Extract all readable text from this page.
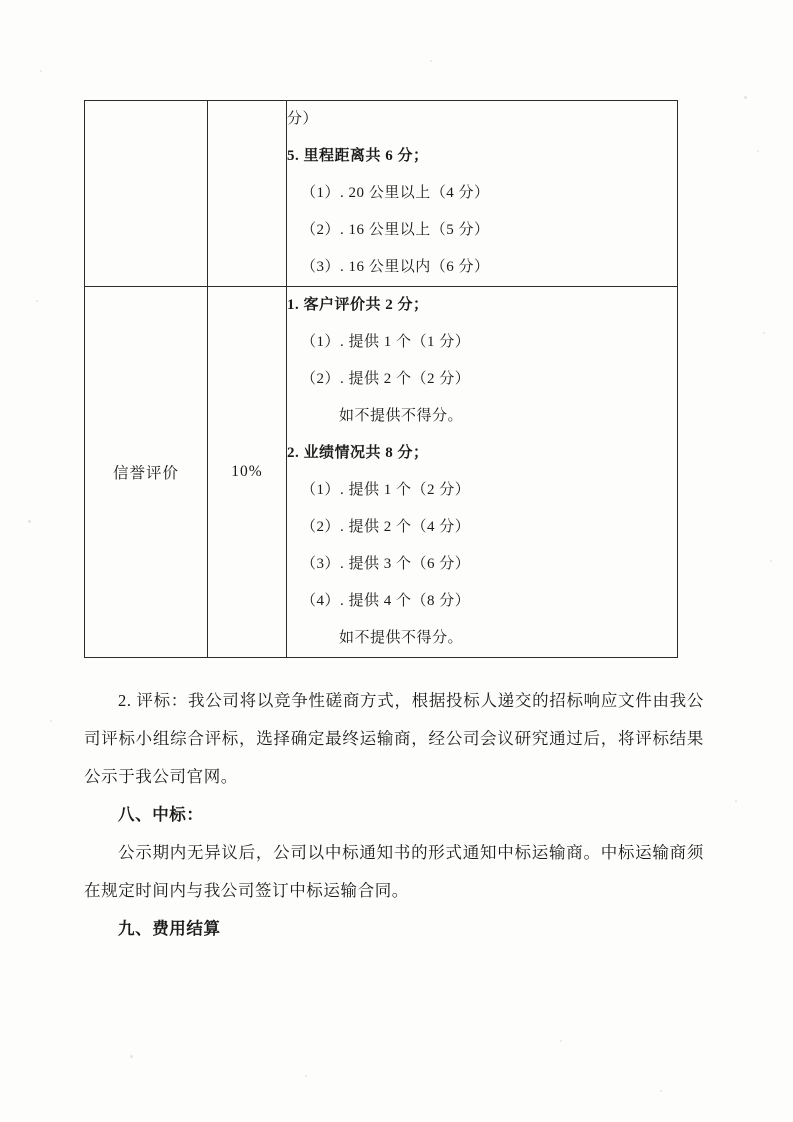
		分）
5. 里程距离共 6 分；
（1）. 20 公里以上（4 分）
（2）. 16 公里以上（5 分）
（3）. 16 公里以内（6 分）

信誉评价	10%	
1. 客户评价共 2 分；
（1）. 提供 1 个（1 分）
（2）. 提供 2 个（2 分）
如不提供不得分。
2. 业绩情况共 8 分；
（1）. 提供 1 个（2 分）
（2）. 提供 2 个（4 分）
（3）. 提供 3 个（6 分）
（4）. 提供 4 个（8 分）
如不提供不得分。

2. 评标：我公司将以竞争性磋商方式，根据投标人递交的招标响应文件由我公司评标小组综合评标，选择确定最终运输商，经公司会议研究通过后，将评标结果公示于我公司官网。

八、中标：

公示期内无异议后，公司以中标通知书的形式通知中标运输商。中标运输商须在规定时间内与我公司签订中标运输合同。

九、费用结算
